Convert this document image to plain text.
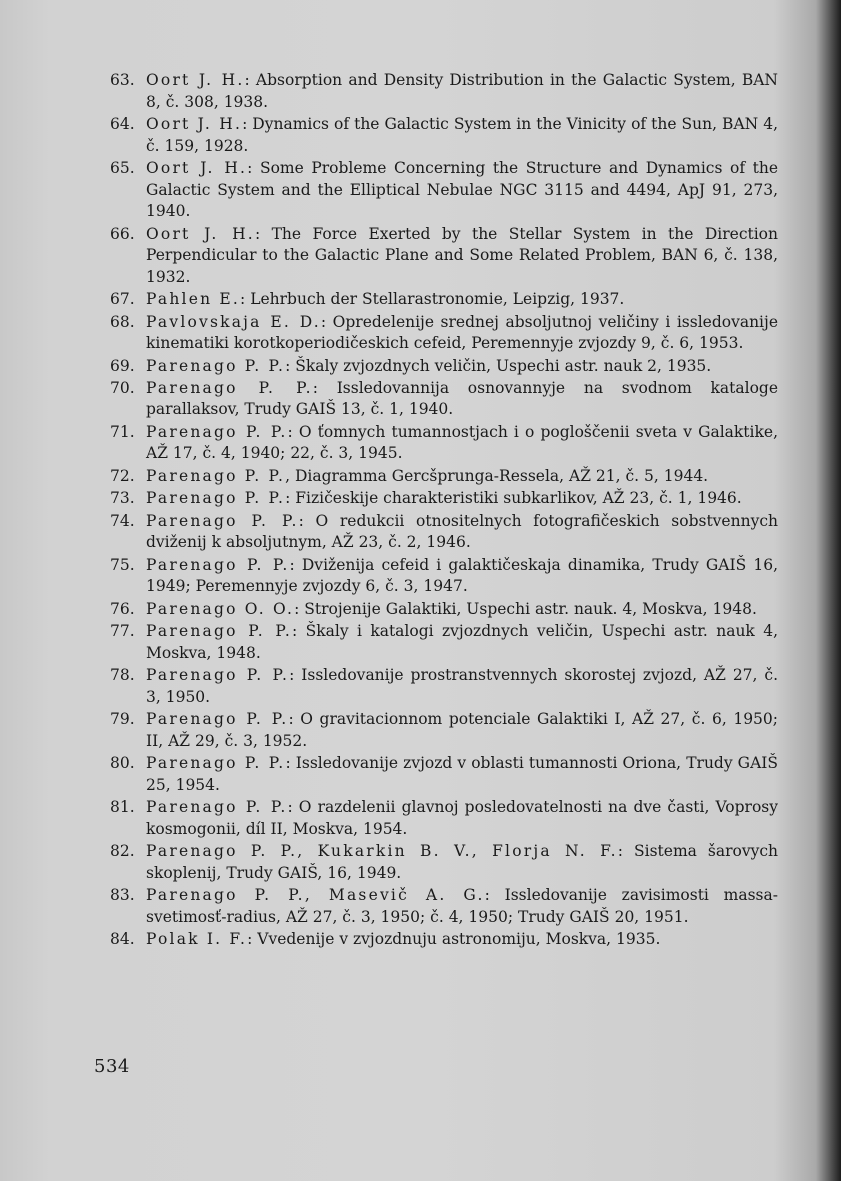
63. Oort J. H.: Absorption and Density Distribution in the Galactic System, BAN 8, č. 308, 1938.
64. Oort J. H.: Dynamics of the Galactic System in the Vinicity of the Sun, BAN 4, č. 159, 1928.
65. Oort J. H.: Some Probleme Concerning the Structure and Dynamics of the Galactic System and the Elliptical Nebulae NGC 3115 and 4494, ApJ 91, 273, 1940.
66. Oort J. H.: The Force Exerted by the Stellar System in the Direction Perpendicular to the Galactic Plane and Some Related Problem, BAN 6, č. 138, 1932.
67. Pahlen E.: Lehrbuch der Stellarastronomie, Leipzig, 1937.
68. Pavlovskaja E. D.: Opredelenije srednej absoljutnoj veličiny i issledovanije kinematiki korotkoperiodičeskich cefeid, Peremennyje zvjozdy 9, č. 6, 1953.
69. Parenago P. P.: Škaly zvjozdnych veličin, Uspechi astr. nauk 2, 1935.
70. Parenago P. P.: Issledovannija osnovannyje na svodnom kataloge parallaksov, Trudy GAIŠ 13, č. 1, 1940.
71. Parenago P. P.: O ťomnych tumannostjach i o pogloščenii sveta v Galaktike, AŽ 17, č. 4, 1940; 22, č. 3, 1945.
72. Parenago P. P., Diagramma Gercšprunga-Ressela, AŽ 21, č. 5, 1944.
73. Parenago P. P.: Fizičeskije charakteristiki subkarlikov, AŽ 23, č. 1, 1946.
74. Parenago P. P.: O redukcii otnositelnych fotografičeskich sobstvennych dviženij k absoljutnym, AŽ 23, č. 2, 1946.
75. Parenago P. P.: Dviženija cefeid i galaktičeskaja dinamika, Trudy GAIŠ 16, 1949; Peremennyje zvjozdy 6, č. 3, 1947.
76. Parenago O. O.: Strojenije Galaktiki, Uspechi astr. nauk. 4, Moskva, 1948.
77. Parenago P. P.: Škaly i katalogi zvjozdnych veličin, Uspechi astr. nauk 4, Moskva, 1948.
78. Parenago P. P.: Issledovanije prostranstvennych skorostej zvjozd, AŽ 27, č. 3, 1950.
79. Parenago P. P.: O gravitacionnom potenciale Galaktiki I, AŽ 27, č. 6, 1950; II, AŽ 29, č. 3, 1952.
80. Parenago P. P.: Issledovanije zvjozd v oblasti tumannosti Oriona, Trudy GAIŠ 25, 1954.
81. Parenago P. P.: O razdelenii glavnoj posledovatelnosti na dve časti, Voprosy kosmogonii, díl II, Moskva, 1954.
82. Parenago P. P., Kukarkin B. V., Florja N. F.: Sistema šarovych skoplenij, Trudy GAIŠ, 16, 1949.
83. Parenago P. P., Masevič A. G.: Issledovanije zavisimosti massa-svetimosť-radius, AŽ 27, č. 3, 1950; č. 4, 1950; Trudy GAIŠ 20, 1951.
84. Polak I. F.: Vvedenije v zvjozdnuju astronomiju, Moskva, 1935.
534
